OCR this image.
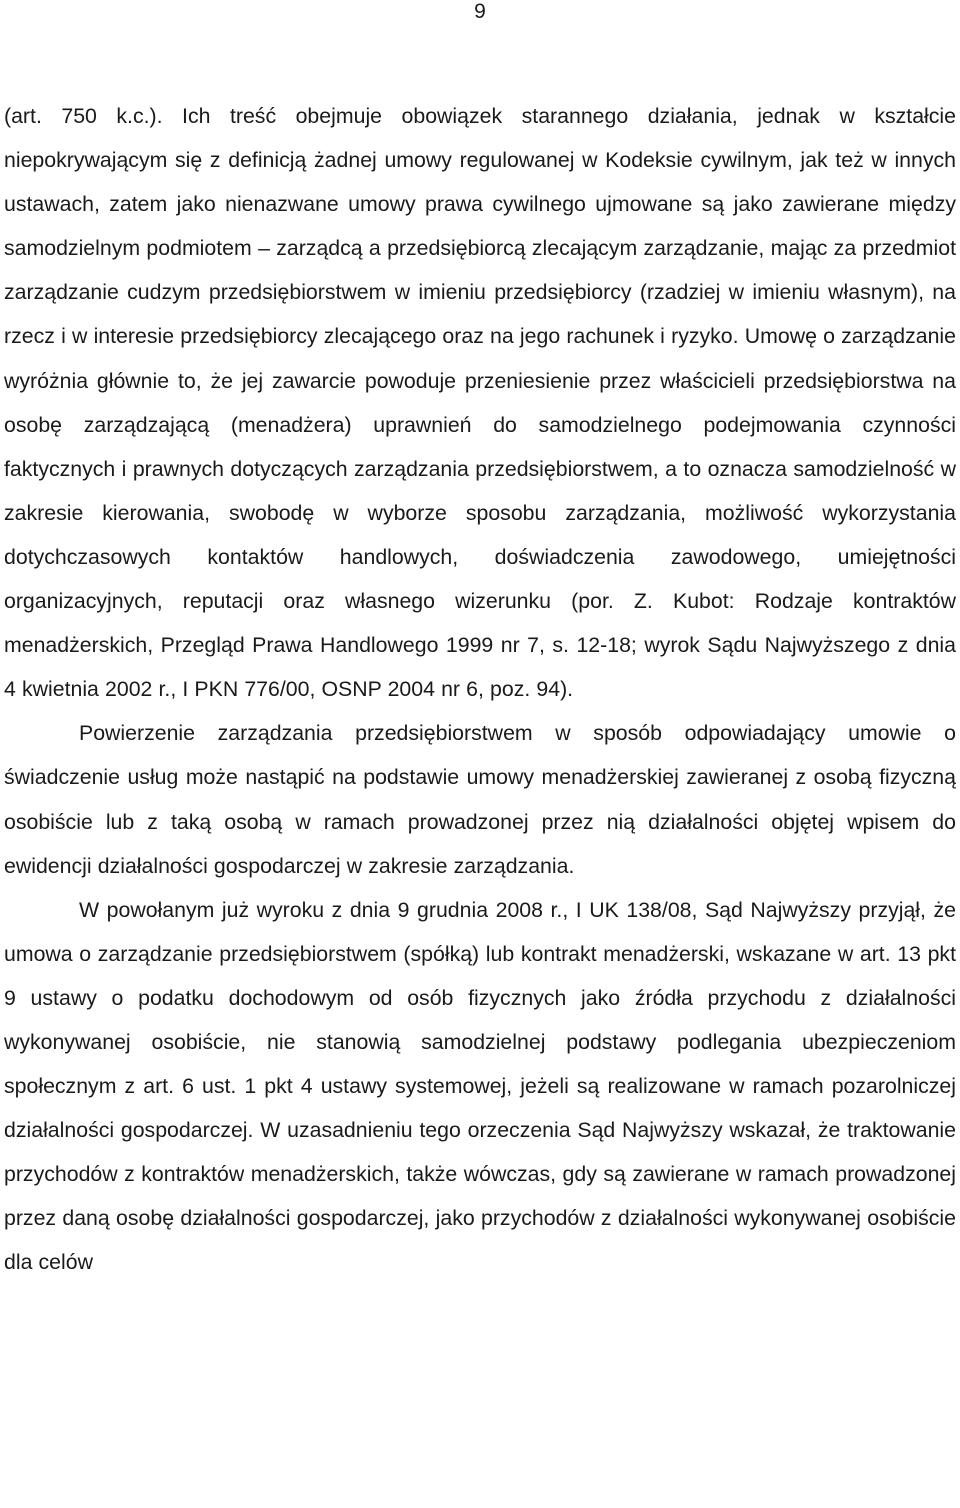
9

(art. 750 k.c.). Ich treść obejmuje obowiązek starannego działania, jednak w kształcie niepokrywającym się z definicją żadnej umowy regulowanej w Kodeksie cywilnym, jak też w innych ustawach, zatem jako nienazwane umowy prawa cywilnego ujmowane są jako zawierane między samodzielnym podmiotem – zarządcą a przedsiębiorcą zlecającym zarządzanie, mając za przedmiot zarządzanie cudzym przedsiębiorstwem w imieniu przedsiębiorcy (rzadziej w imieniu własnym), na rzecz i w interesie przedsiębiorcy zlecającego oraz na jego rachunek i ryzyko. Umowę o zarządzanie wyróżnia głównie to, że jej zawarcie powoduje przeniesienie przez właścicieli przedsiębiorstwa na osobę zarządzającą (menadżera) uprawnień do samodzielnego podejmowania czynności faktycznych i prawnych dotyczących zarządzania przedsiębiorstwem, a to oznacza samodzielność w zakresie kierowania, swobodę w wyborze sposobu zarządzania, możliwość wykorzystania dotychczasowych kontaktów handlowych, doświadczenia zawodowego, umiejętności organizacyjnych, reputacji oraz własnego wizerunku (por. Z. Kubot: Rodzaje kontraktów menadżerskich, Przegląd Prawa Handlowego 1999 nr 7, s. 12-18; wyrok Sądu Najwyższego z dnia 4 kwietnia 2002 r., I PKN 776/00, OSNP 2004 nr 6, poz. 94).

Powierzenie zarządzania przedsiębiorstwem w sposób odpowiadający umowie o świadczenie usług może nastąpić na podstawie umowy menadżerskiej zawieranej z osobą fizyczną osobiście lub z taką osobą w ramach prowadzonej przez nią działalności objętej wpisem do ewidencji działalności gospodarczej w zakresie zarządzania.

W powołanym już wyroku z dnia 9 grudnia 2008 r., I UK 138/08, Sąd Najwyższy przyjął, że umowa o zarządzanie przedsiębiorstwem (spółką) lub kontrakt menadżerski, wskazane w art. 13 pkt 9 ustawy o podatku dochodowym od osób fizycznych jako źródła przychodu z działalności wykonywanej osobiście, nie stanowią samodzielnej podstawy podlegania ubezpieczeniom społecznym z art. 6 ust. 1 pkt 4 ustawy systemowej, jeżeli są realizowane w ramach pozarolniczej działalności gospodarczej. W uzasadnieniu tego orzeczenia Sąd Najwyższy wskazał, że traktowanie przychodów z kontraktów menadżerskich, także wówczas, gdy są zawierane w ramach prowadzonej przez daną osobę działalności gospodarczej, jako przychodów z działalności wykonywanej osobiście dla celów
